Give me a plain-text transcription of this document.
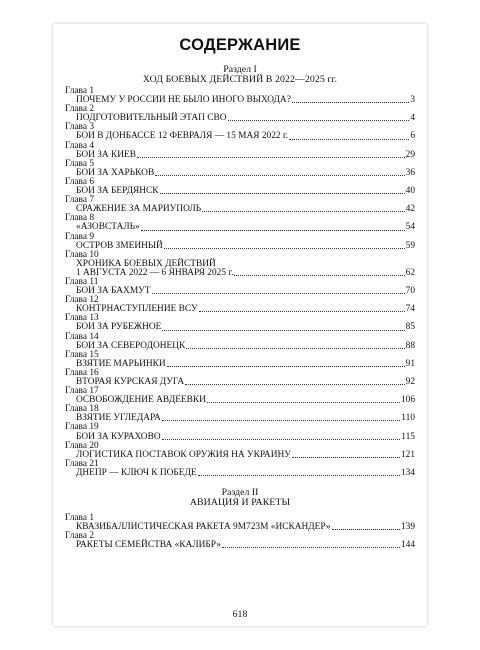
СОДЕРЖАНИЕ
Раздел I
ХОД БОЕВЫХ ДЕЙСТВИЙ В 2022—2025 гг.
Глава 1
ПОЧЕМУ У РОССИИ НЕ БЫЛО ИНОГО ВЫХОДА?	3
Глава 2
ПОДГОТОВИТЕЛЬНЫЙ ЭТАП СВО	4
Глава 3
БОИ В ДОНБАССЕ 12 ФЕВРАЛЯ — 15 МАЯ 2022 г.	6
Глава 4
БОИ ЗА КИЕВ	29
Глава 5
БОИ ЗА ХАРЬКОВ	36
Глава 6
БОИ ЗА БЕРДЯНСК	40
Глава 7
СРАЖЕНИЕ ЗА МАРИУПОЛЬ	42
Глава 8
«АЗОВСТАЛЬ»	54
Глава 9
ОСТРОВ ЗМЕИНЫЙ	59
Глава 10
ХРОНИКА БОЕВЫХ ДЕЙСТВИЙ
1 АВГУСТА 2022 — 6 ЯНВАРЯ 2025 г.	62
Глава 11
БОИ ЗА БАХМУТ	70
Глава 12
КОНТРНАСТУПЛЕНИЕ ВСУ	74
Глава 13
БОИ ЗА РУБЕЖНОЕ	85
Глава 14
БОИ ЗА СЕВЕРОДОНЕЦК	88
Глава 15
ВЗЯТИЕ МАРЬИНКИ	91
Глава 16
ВТОРАЯ КУРСКАЯ ДУГА	92
Глава 17
ОСВОБОЖДЕНИЕ АВДЕЕВКИ	106
Глава 18
ВЗЯТИЕ УГЛЕДАРА	110
Глава 19
БОИ ЗА КУРАХОВО	115
Глава 20
ЛОГИСТИКА ПОСТАВОК ОРУЖИЯ НА УКРАИНУ	121
Глава 21
ДНЕПР — КЛЮЧ К ПОБЕДЕ	134
Раздел II
АВИАЦИЯ И РАКЕТЫ
Глава 1
КВАЗИБАЛЛИСТИЧЕСКАЯ РАКЕТА 9М723М «ИСКАНДЕР»	139
Глава 2
РАКЕТЫ СЕМЕЙСТВА «КАЛИБР»	144
618
